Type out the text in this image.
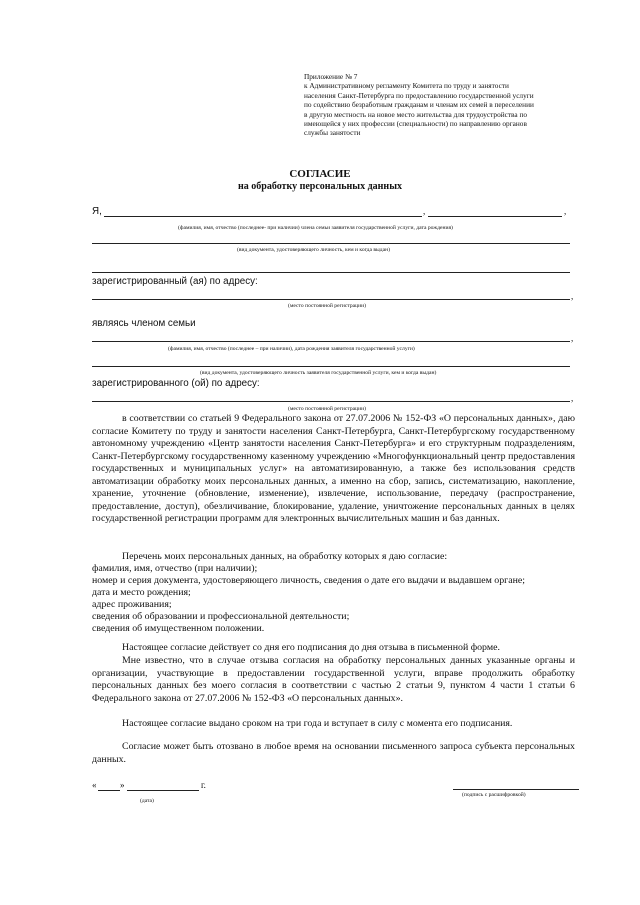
Приложение № 7
к Административному регламенту Комитета по труду и занятости
населения Санкт-Петербурга по предоставлению государственной услуги
по содействию безработным гражданам и членам их семей в переселении
в другую местность на новое место жительства для трудоустройства по
имеющейся у них профессии (специальности) по направлению органов
службы занятости
СОГЛАСИЕ
на обработку персональных данных
Я,	,	,
(фамилия, имя, отчество (последнее- при наличии) члена семьи заявителя государственной услуги, дата рождения)
(вид документа, удостоверяющего личность, кем и когда выдан)
зарегистрированный (ая) по адресу:
,
(место постоянной регистрации)
являясь членом семьи
,
(фамилия, имя, отчество (последнее – при наличии), дата рождения заявителя государственной услуги)
(вид документа, удостоверяющего личность заявителя государственной услуги, кем и когда выдан)
зарегистрированного (ой) по адресу:
,
(место постоянной регистрации)

в соответствии со статьей 9 Федерального закона от 27.07.2006 № 152-ФЗ «О персональных данных», даю согласие Комитету по труду и занятости населения Санкт-Петербурга, Санкт-Петербургскому государственному автономному учреждению «Центр занятости населения Санкт-Петербурга» и его структурным подразделениям, Санкт-Петербургскому государственному казенному учреждению «Многофункциональный центр предоставления государственных и муниципальных услуг» на автоматизированную, а также без использования средств автоматизации обработку моих персональных данных, а именно на сбор, запись, систематизацию, накопление, хранение, уточнение (обновление, изменение), извлечение, использование, передачу (распространение, предоставление, доступ), обезличивание, блокирование, удаление, уничтожение персональных данных в целях государственной регистрации программ для электронных вычислительных машин и баз данных.

Перечень моих персональных данных, на обработку которых я даю согласие:

фамилия, имя, отчество (при наличии);

номер и серия документа, удостоверяющего личность, сведения о дате его выдачи и выдавшем органе;

дата и место рождения;

адрес проживания;

сведения об образовании и профессиональной деятельности;

сведения об имущественном положении.

Настоящее согласие действует со дня его подписания до дня отзыва в письменной форме.

Мне известно, что в случае отзыва согласия на обработку персональных данных указанные органы и организации, участвующие в предоставлении государственной услуги, вправе продолжить обработку персональных данных без моего согласия в соответствии с частью 2 статьи 9, пунктом 4 части 1 статьи 6 Федерального закона от 27.07.2006 № 152-ФЗ «О персональных данных».

Настоящее согласие выдано сроком на три года и вступает в силу с момента его подписания.

Согласие может быть отозвано в любое время на основании письменного запроса субъекта персональных данных.

«	»	г.
(дата)
(подпись с расшифровкой)
